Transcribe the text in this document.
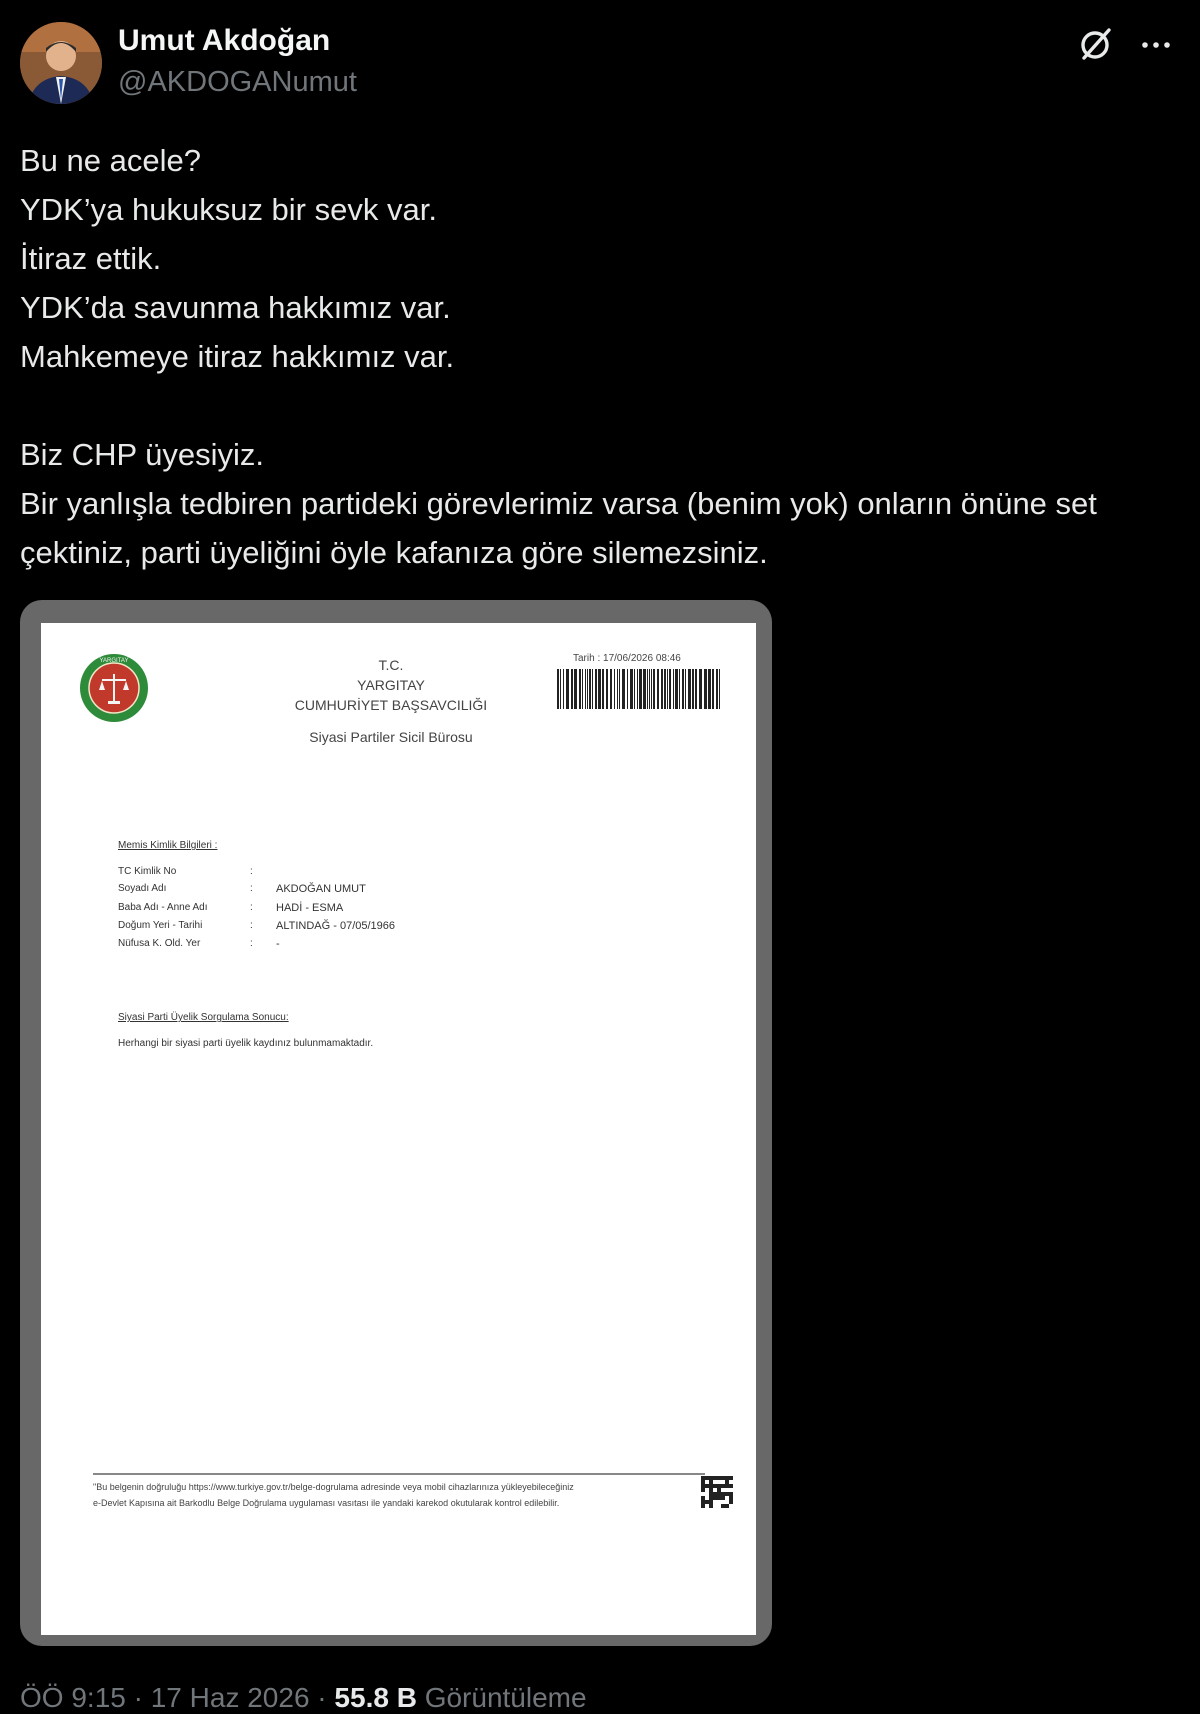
Umut Akdoğan
@AKDOGANumut

Bu ne acele?

YDK’ya hukuksuz bir sevk var.

İtiraz ettik.

YDK’da savunma hakkımız var.

Mahkemeye itiraz hakkımız var.

Biz CHP üyesiyiz.

Bir yanlışla tedbiren partideki görevlerimiz varsa (benim yok) onların önüne set çektiniz, parti üyeliğini öyle kafanıza göre silemezsiniz.

YARGITAY	T.C.
YARGITAY
CUMHURİYET BAŞSAVCILIĞI
Siyasi Partiler Sicil Bürosu
Tarih : 17/06/2026 08:46
Memis Kimlik Bilgileri :
TC Kimlik No	:
Soyadı Adı	: AKDOĞAN UMUT
Baba Adı - Anne Adı	: HADİ - ESMA
Doğum Yeri - Tarihi	: ALTINDAĞ - 07/05/1966
Nüfusa K. Old. Yer	: -
Siyasi Parti Üyelik Sorgulama Sonucu:
Herhangi bir siyasi parti üyelik kaydınız bulunmamaktadır.
"Bu belgenin doğruluğu https://www.turkiye.gov.tr/belge-dogrulama adresinde veya mobil cihazlarınıza yükleyebileceğiniz
e-Devlet Kapısına ait Barkodlu Belge Doğrulama uygulaması vasıtası ile yandaki karekod okutularak kontrol edilebilir.
ÖÖ 9:15 · 17 Haz 2026 · 55.8 B Görüntüleme
